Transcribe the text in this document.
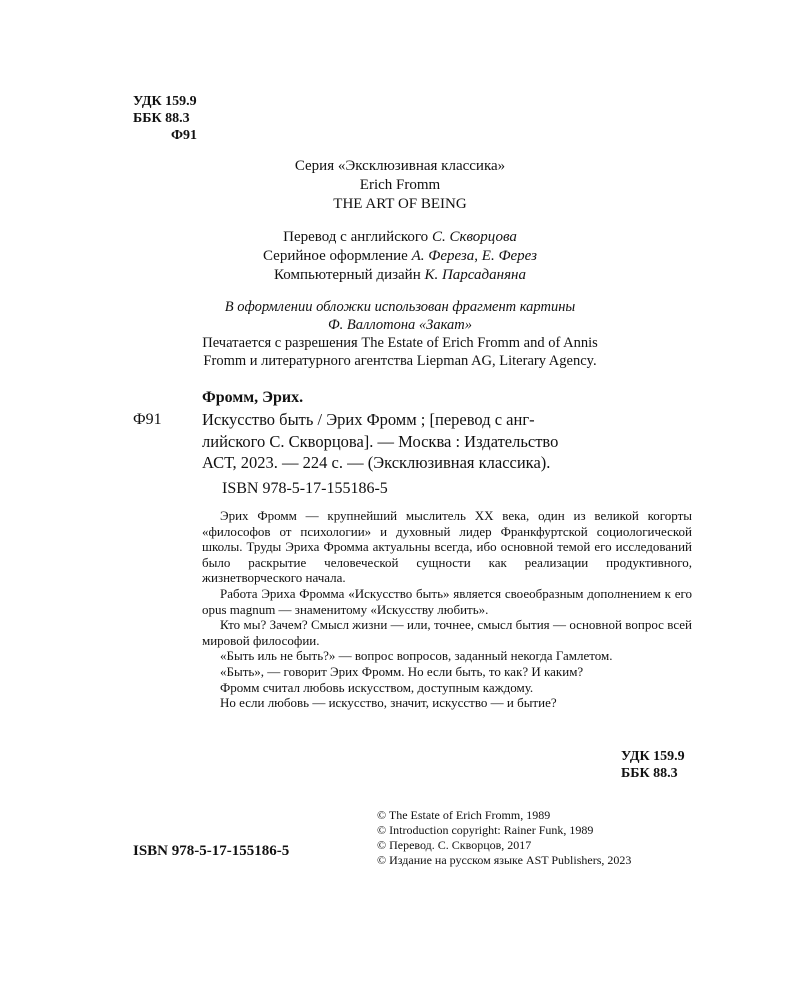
УДК 159.9
ББК 88.3
Ф91
Серия «Эксклюзивная классика»
Erich Fromm
THE ART OF BEING
Перевод с английского С. Скворцова
Серийное оформление А. Фереза, Е. Ферез
Компьютерный дизайн К. Парсаданяна
В оформлении обложки использован фрагмент картины
Ф. Валлотона «Закат»
Печатается с разрешения The Estate of Erich Fromm and of Annis
Fromm и литературного агентства Liepman AG, Literary Agency.
Фромм, Эрих.
Ф91 Искусство быть / Эрих Фромм ; [перевод с анг-
лийского С. Скворцова]. — Москва : Издательство
АСТ, 2023. — 224 с. — (Эксклюзивная классика).
ISBN 978-5-17-155186-5

Эрих Фромм — крупнейший мыслитель XX века, один из великой когорты «философов от психологии» и духовный лидер Франкфуртской социологической школы. Труды Эриха Фромма актуальны всегда, ибо основной темой его исследований было раскрытие человеческой сущности как реализации продуктивного, жизнетворческого начала.

Работа Эриха Фромма «Искусство быть» является своеобразным дополнением к его opus magnum — знаменитому «Искусству любить».

Кто мы? Зачем? Смысл жизни — или, точнее, смысл бытия — основной вопрос всей мировой философии.

«Быть иль не быть?» — вопрос вопросов, заданный некогда Гамлетом.

«Быть», — говорит Эрих Фромм. Но если быть, то как? И каким?

Фромм считал любовь искусством, доступным каждому.

Но если любовь — искусство, значит, искусство — и бытие?

УДК 159.9
ББК 88.3
© The Estate of Erich Fromm, 1989
© Introduction copyright: Rainer Funk, 1989
© Перевод. С. Скворцов, 2017
© Издание на русском языке AST Publishers, 2023
ISBN 978-5-17-155186-5
